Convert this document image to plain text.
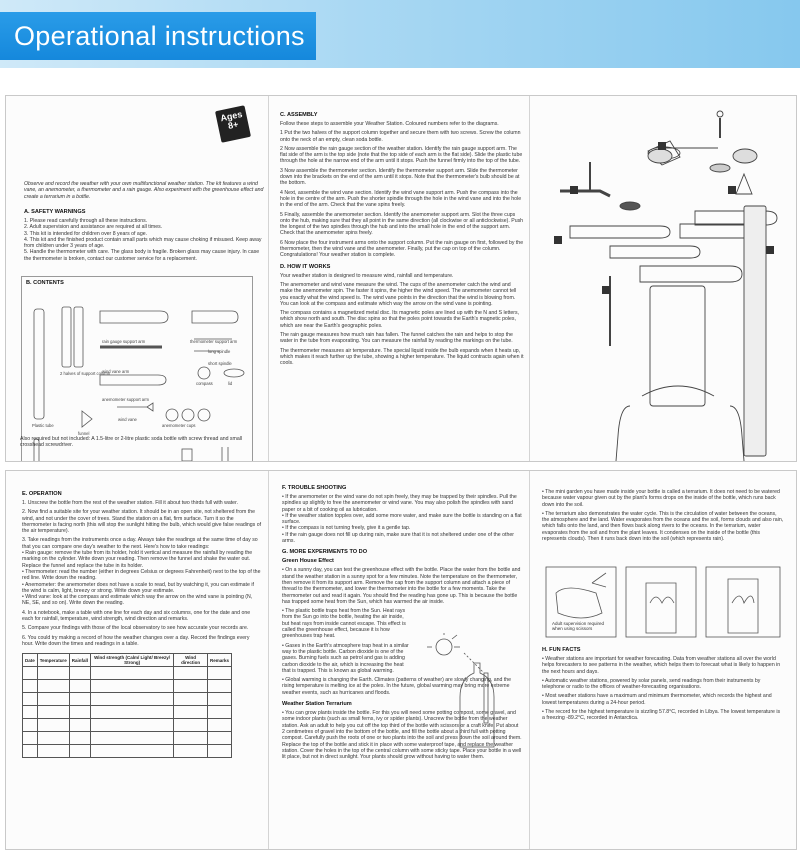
Operational instructions
Ages 8+
Observe and record the weather with your own multifunctional weather station. The kit features a wind vane, an anemometer, a thermometer and a rain gauge. Also experiment with the greenhouse effect and create a terrarium in a bottle.
A. SAFETY WARNINGS
1. Please read carefully through all these instructions.
2. Adult supervision and assistance are required at all times.
3. This kit is intended for children over 8 years of age.
4. This kit and the finished product contain small parts which may cause choking if misused. Keep away from children under 3 years of age.
5. Handle the thermometer with care. The glass body is fragile. Broken glass may cause injury. In case the thermometer is broken, contact our customer service for a replacement.
B. CONTENTS
rain gauge support arm	thermometer support arm
long spindle
short spindle
wind vane arm
anemometer support arm
compass	lid
anemometer cups
funnel
wind vane
Plastic tube
2 halves of support column
Also required but not included: A 1.5-litre or 2-litre plastic soda bottle with screw thread and small crosshead screwdriver.
C. ASSEMBLY
Follow these steps to assemble your Weather Station. Coloured numbers refer to the diagrams.
1 Put the two halves of the support column together and secure them with two screws. Screw the column onto the neck of an empty, clean soda bottle.
2 Now assemble the rain gauge section of the weather station. Identify the rain gauge support arm. The flat side of the arm is the top side (note that the top side of each arm is the flat side). Slide the plastic tube through the hole at the narrow end of the arm until it stops. Push the funnel firmly into the top of the tube.
3 Now assemble the thermometer section. Identify the thermometer support arm. Slide the thermometer down into the brackets on the end of the arm until it stops. Note that the thermometer's bulb should be at the bottom.
4 Next, assemble the wind vane section. Identify the wind vane support arm. Push the compass into the hole in the centre of the arm. Push the shorter spindle through the hole in the wind vane and into the hole in the end of the arm. Check that the vane spins freely.
5 Finally, assemble the anemometer section. Identify the anemometer support arm. Slot the three cups onto the hub, making sure that they all point in the same direction (all clockwise or all anticlockwise). Push the longest of the two spindles through the hub and into the small hole in the end of the support arm. Check that the anemometer spins freely.
6 Now place the four instrument arms onto the support column. Put the rain gauge on first, followed by the thermometer, then the wind vane and the anemometer. Finally, put the cap on top of the column. Congratulations! Your weather station is complete.
D. HOW IT WORKS
Your weather station is designed to measure wind, rainfall and temperature.
The anemometer and wind vane measure the wind. The cups of the anemometer catch the wind and make the anemometer spin. The faster it spins, the higher the wind speed. The anemometer cannot tell you exactly what the wind speed is. The wind vane points in the direction that the wind is blowing from. You can look at the compass and estimate which way the arrow on the wind vane is pointing.
The compass contains a magnetized metal disc. Its magnetic poles are lined up with the N and S letters, which show north and south. The disc spins so that the poles point towards the Earth's magnetic poles, which are near the Earth's geographic poles.
The rain gauge measures how much rain has fallen. The funnel catches the rain and helps to stop the water in the tube from evaporating. You can measure the rainfall by reading the markings on the tube.
The thermometer measures air temperature. The special liquid inside the bulb expands when it heats up, which makes it reach further up the tube, showing a higher temperature. The liquid contracts again when it cools.
E. OPERATION
1. Unscrew the bottle from the rest of the weather station. Fill it about two thirds full with water.
2. Now find a suitable site for your weather station. It should be in an open site, not sheltered from the wind, and not under the cover of trees. Stand the station on a flat, firm surface. Turn it so the thermometer is facing north (this will stop the sunlight hitting the bulb, which would give false readings of the air temperature).
3. Take readings from the instruments once a day. Always take the readings at the same time of day so that you can compare one day's weather to the next. Here's how to take readings:
• Rain gauge: remove the tube from its holder, hold it vertical and measure the rainfall by reading the marking on the cylinder. Write down your reading. Then remove the funnel and shake the water out. Replace the funnel and replace the tube in its holder.
• Thermometer: read the number (either in degrees Celsius or degrees Fahrenheit) next to the top of the red line. Write down the reading.
• Anemometer: the anemometer does not have a scale to read, but by watching it, you can estimate if the wind is calm, light, breezy or strong. Write down your estimate.
• Wind vane: look at the compass and estimate which way the arrow on the wind vane is pointing (N, NE, SE, and so on). Write down the reading.
4. In a notebook, make a table with one line for each day and six columns, one for the date and one each for rainfall, temperature, wind strength, wind direction and remarks.
5. Compare your findings with those of the local observatory to see how accurate your records are.
6. You could try making a record of how the weather changes over a day. Record the findings every hour. Write down the times and readings in a table.
Date	Temperature	Rainfall	Wind strength (Calm/ Light/ Breezy/ Strong)	Wind direction	Remarks

F. TROUBLE SHOOTING
• If the anemometer or the wind vane do not spin freely, they may be trapped by their spindles. Pull the spindles up slightly to free the anemometer or wind vane. You may also polish the spindles with sand paper or a bit of cooking oil as lubrication.
• If the weather station topples over, add some more water, and make sure the bottle is standing on a flat surface.
• If the compass is not turning freely, give it a gentle tap.
• If the rain gauge does not fill up during rain, make sure that it is not sheltered under one of the other arms.
G. MORE EXPERIMENTS TO DO
Green House Effect
• On a sunny day, you can test the greenhouse effect with the bottle. Place the water from the bottle and stand the weather station in a sunny spot for a few minutes. Note the temperature on the thermometer, then remove it from its support arm. Remove the cap from the support column and attach a piece of thread to the thermometer, and lower the thermometer into the bottle for a few moments. Take the thermometer out and read it again. You should find the reading has gone up. This is because the bottle has trapped some heat from the Sun, which has warmed the air inside.
• The plastic bottle traps heat from the Sun. Heat rays from the Sun go into the bottle, heating the air inside, but heat rays from inside cannot escape. This effect is called the greenhouse effect, because it is how greenhouses trap heat.
• Gases in the Earth's atmosphere trap heat in a similar way to the plastic bottle. Carbon dioxide is one of the gases. Burning fuels such as petrol and gas is adding carbon dioxide to the air, which is increasing the heat that is trapped. This is known as global warming.
• Global warming is changing the Earth. Climates (patterns of weather) are slowly changing, and the rising temperature is melting ice at the poles. In the future, global warming may bring more extreme weather events, such as hurricanes and floods.
Weather Station Terrarium
• You can grow plants inside the bottle. For this you will need some potting compost, some gravel, and some indoor plants (such as small ferns, ivy or spider plants). Unscrew the bottle from the weather station. Ask an adult to help you cut off the top third of the bottle with scissors or a craft knife. Put about 2 centimetres of gravel into the bottom of the bottle, and fill the bottle about a third full with potting compost. Carefully push the roots of one or two plants into the soil and press down the soil around them. Replace the top of the bottle and stick it in place with some waterproof tape, and replace the weather station. Cover the holes in the top of the central column with some sticky tape. Place your bottle in a well lit place, but not in direct sunlight. Your plants should grow without having to water them.
• The mini garden you have made inside your bottle is called a terrarium. It does not need to be watered because water vapour given out by the plant's forms drops on the inside of the bottle, which runs back down into the soil.
• The terrarium also demonstrates the water cycle. This is the circulation of water between the oceans, the atmosphere and the land. Water evaporates from the oceans and the soil, forms clouds and also rain, which falls onto the land, and then flows back along rivers to the oceans. In the terrarium, water evaporates from the soil and from the plant leaves. It condenses on the inside of the bottle (this represents clouds). Then it runs back down into the soil (which represents rain).
Adult supervision required when using scissors
H. FUN FACTS
• Weather stations are important for weather forecasting. Data from weather stations all over the world helps forecasters to see patterns in the weather, which helps them to forecast what is likely to happen in the next hours and days.
• Automatic weather stations, powered by solar panels, send readings from their instruments by telephone or radio to the offices of weather-forecasting organisations.
• Most weather stations have a maximum and minimum thermometer, which records the highest and lowest temperatures during a 24-hour period.
• The record for the highest temperature is sizzling 57.8°C, recorded in Libya. The lowest temperature is a freezing -89.2°C, recorded in Antarctica.
